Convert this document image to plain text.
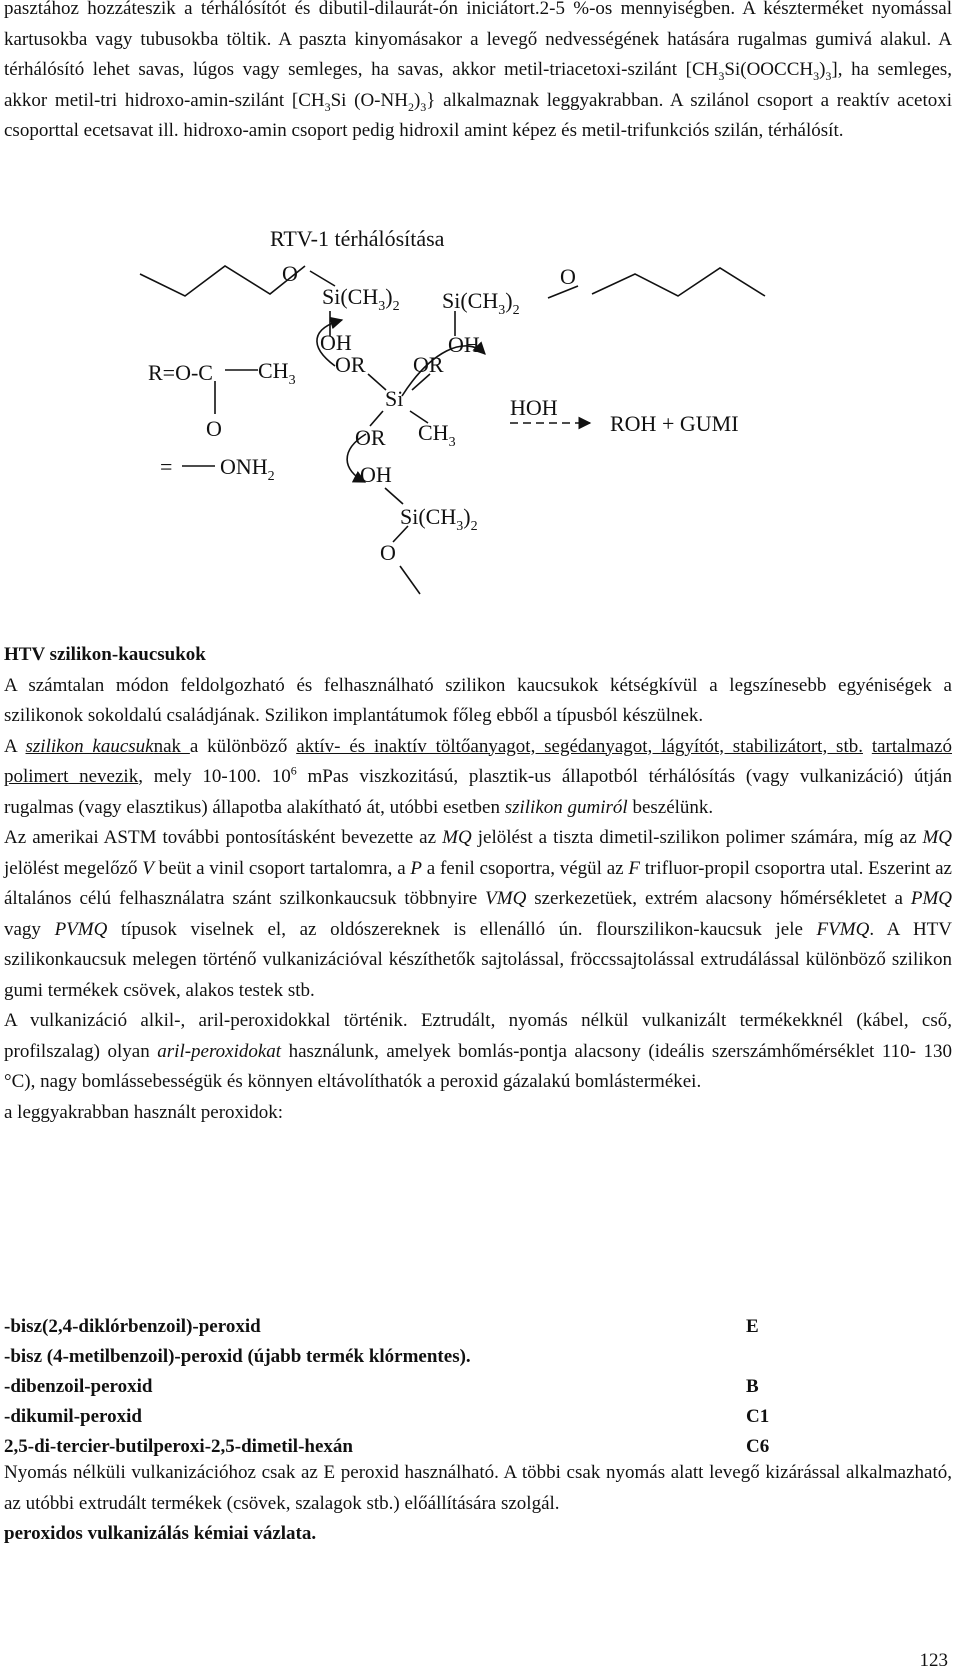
pasztához hozzáteszik a térhálósítót és dibutil-dilaurát-ón iniciátort.2-5 %-os mennyiségben. A készterméket nyomással kartusokba vagy tubusokba töltik. A paszta kinyomásakor a levegő nedvességének hatására rugalmas gumivá alakul. A térhálósító lehet savas, lúgos vagy semleges, ha savas, akkor metil-triacetoxi-szilánt $[CH_3Si(OOCCH_3)_3]$, ha semleges, akkor metil-tri hidroxo-amin-szilánt [$CH_3Si$ $(O-NH_2)_3$} alkalmaznak leggyakrabban. A szilánol csoport a reaktív acetoxi csoporttal ecetsavat ill. hidroxo-amin csoport pedig hidroxil amint képez és metil-trifunkciós szilán, térhálósít.

RTV-1 térhálósítása
O
$Si(CH_3)_2$ $Si(CH_3)_2$
O
OH	OH
R=O-C $CH_3$
OR OR
Si
O	OR $CH_3$
HOH
ROH + GUMI
= $ONH_2$	OH
$Si(CH_3)_2$
O

HTV szilikon-kaucsukok

A számtalan módon feldolgozható és felhasználható szilikon kaucsukok kétségkívül a legszínesebb egyéniségek a szilikonok sokoldalú családjának. Szilikon implantátumok főleg ebből a típusból készülnek.

A szilikon kaucsuknak a különböző aktív- és inaktív töltőanyagot, segédanyagot, lágyítót, stabilizátort, stb. tartalmazó polimert nevezik, mely 10-100. $10^6$ mPas viszkozitású, plasztik-us állapotból térhálósítás (vagy vulkanizáció) útján rugalmas (vagy elasztikus) állapotba alakítható át, utóbbi esetben szilikon gumiról beszélünk.

Az amerikai ASTM további pontosításként bevezette az MQ jelölést a tiszta dimetil-szilikon polimer számára, míg az MQ jelölést megelőző V beüt a vinil csoport tartalomra, a P a fenil csoportra, végül az F trifluor-propil csoportra utal. Eszerint az általános célú felhasználatra szánt szilkonkaucsuk többnyire VMQ szerkezetüek, extrém alacsony hőmérsékletet a PMQ vagy PVMQ típusok viselnek el, az oldószereknek is ellenálló ún. flourszilikon-kaucsuk jele FVMQ. A HTV szilikonkaucsuk melegen történő vulkanizációval készíthetők sajtolással, fröccssajtolással extrudálással különböző szilikon gumi termékek csövek, alakos testek stb.

A vulkanizáció alkil-, aril-peroxidokkal történik. Eztrudált, nyomás nélkül vulkanizált termékekknél (kábel, cső, profilszalag) olyan aril-peroxidokat használunk, amelyek bomlás-pontja alacsony (ideális szerszámhőmérséklet 110- 130 °C), nagy bomlássebességük és könnyen eltávolíthatók a peroxid gázalakú bomlástermékei.

a leggyakrabban használt peroxidok:

-bisz(2,4-diklórbenzoil)-peroxid	E
-bisz (4-metilbenzoil)-peroxid (újabb termék klórmentes).
-dibenzoil-peroxid	B
-dikumil-peroxid	C1
2,5-di-tercier-butilperoxi-2,5-dimetil-hexán	C6

Nyomás nélküli vulkanizációhoz csak az E peroxid használható. A többi csak nyomás alatt levegő kizárással alkalmazható, az utóbbi extrudált termékek (csövek, szalagok stb.) előállítására szolgál.

peroxidos vulkanizálás kémiai vázlata.

123
